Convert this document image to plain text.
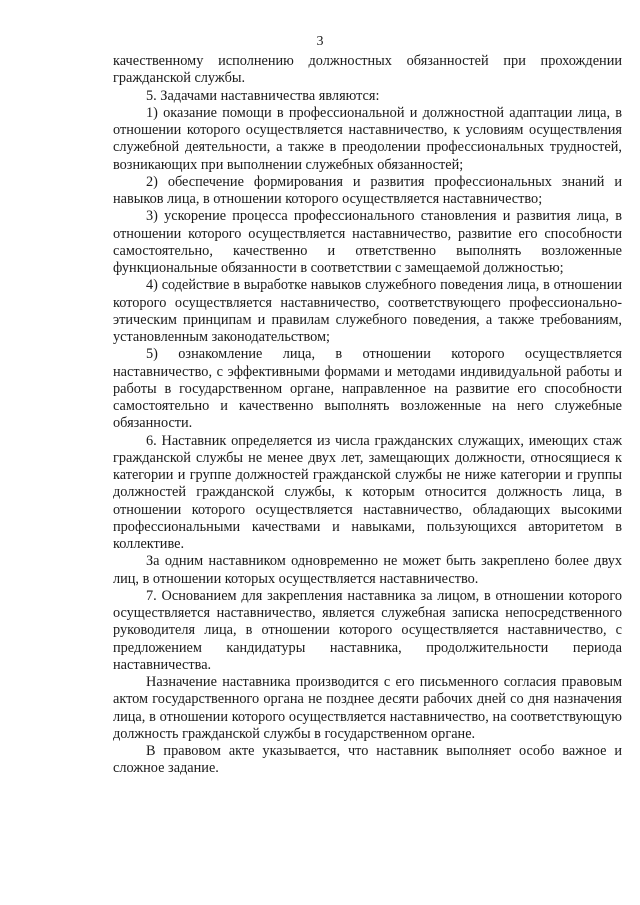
3

качественному исполнению должностных обязанностей при прохождении гражданской службы.

5. Задачами наставничества являются:

1) оказание помощи в профессиональной и должностной адаптации лица, в отношении которого осуществляется наставничество, к условиям осуществления служебной деятельности, а также в преодолении профессиональных трудностей, возникающих при выполнении служебных обязанностей;

2) обеспечение формирования и развития профессиональных знаний и навыков лица, в отношении которого осуществляется наставничество;

3) ускорение процесса профессионального становления и развития лица, в отношении которого осуществляется наставничество, развитие его способности самостоятельно, качественно и ответственно выполнять возложенные функциональные обязанности в соответствии с замещаемой должностью;

4) содействие в выработке навыков служебного поведения лица, в отношении которого осуществляется наставничество, соответствующего профессионально-этическим принципам и правилам служебного поведения, а также требованиям, установленным законодательством;

5) ознакомление лица, в отношении которого осуществляется наставничество, с эффективными формами и методами индивидуальной работы и работы в государственном органе, направленное на развитие его способности самостоятельно и качественно выполнять возложенные на него служебные обязанности.

6. Наставник определяется из числа гражданских служащих, имеющих стаж гражданской службы не менее двух лет, замещающих должности, относящиеся к категории и группе должностей гражданской службы не ниже категории и группы должностей гражданской службы, к которым относится должность лица, в отношении которого осуществляется наставничество, обладающих высокими профессиональными качествами и навыками, пользующихся авторитетом в коллективе.

За одним наставником одновременно не может быть закреплено более двух лиц, в отношении которых осуществляется наставничество.

7. Основанием для закрепления наставника за лицом, в отношении которого осуществляется наставничество, является служебная записка непосредственного руководителя лица, в отношении которого осуществляется наставничество, с предложением кандидатуры наставника, продолжительности периода наставничества.

Назначение наставника производится с его письменного согласия правовым актом государственного органа не позднее десяти рабочих дней со дня назначения лица, в отношении которого осуществляется наставничество, на соответствующую должность гражданской службы в государственном органе.

В правовом акте указывается, что наставник выполняет особо важное и сложное задание.
